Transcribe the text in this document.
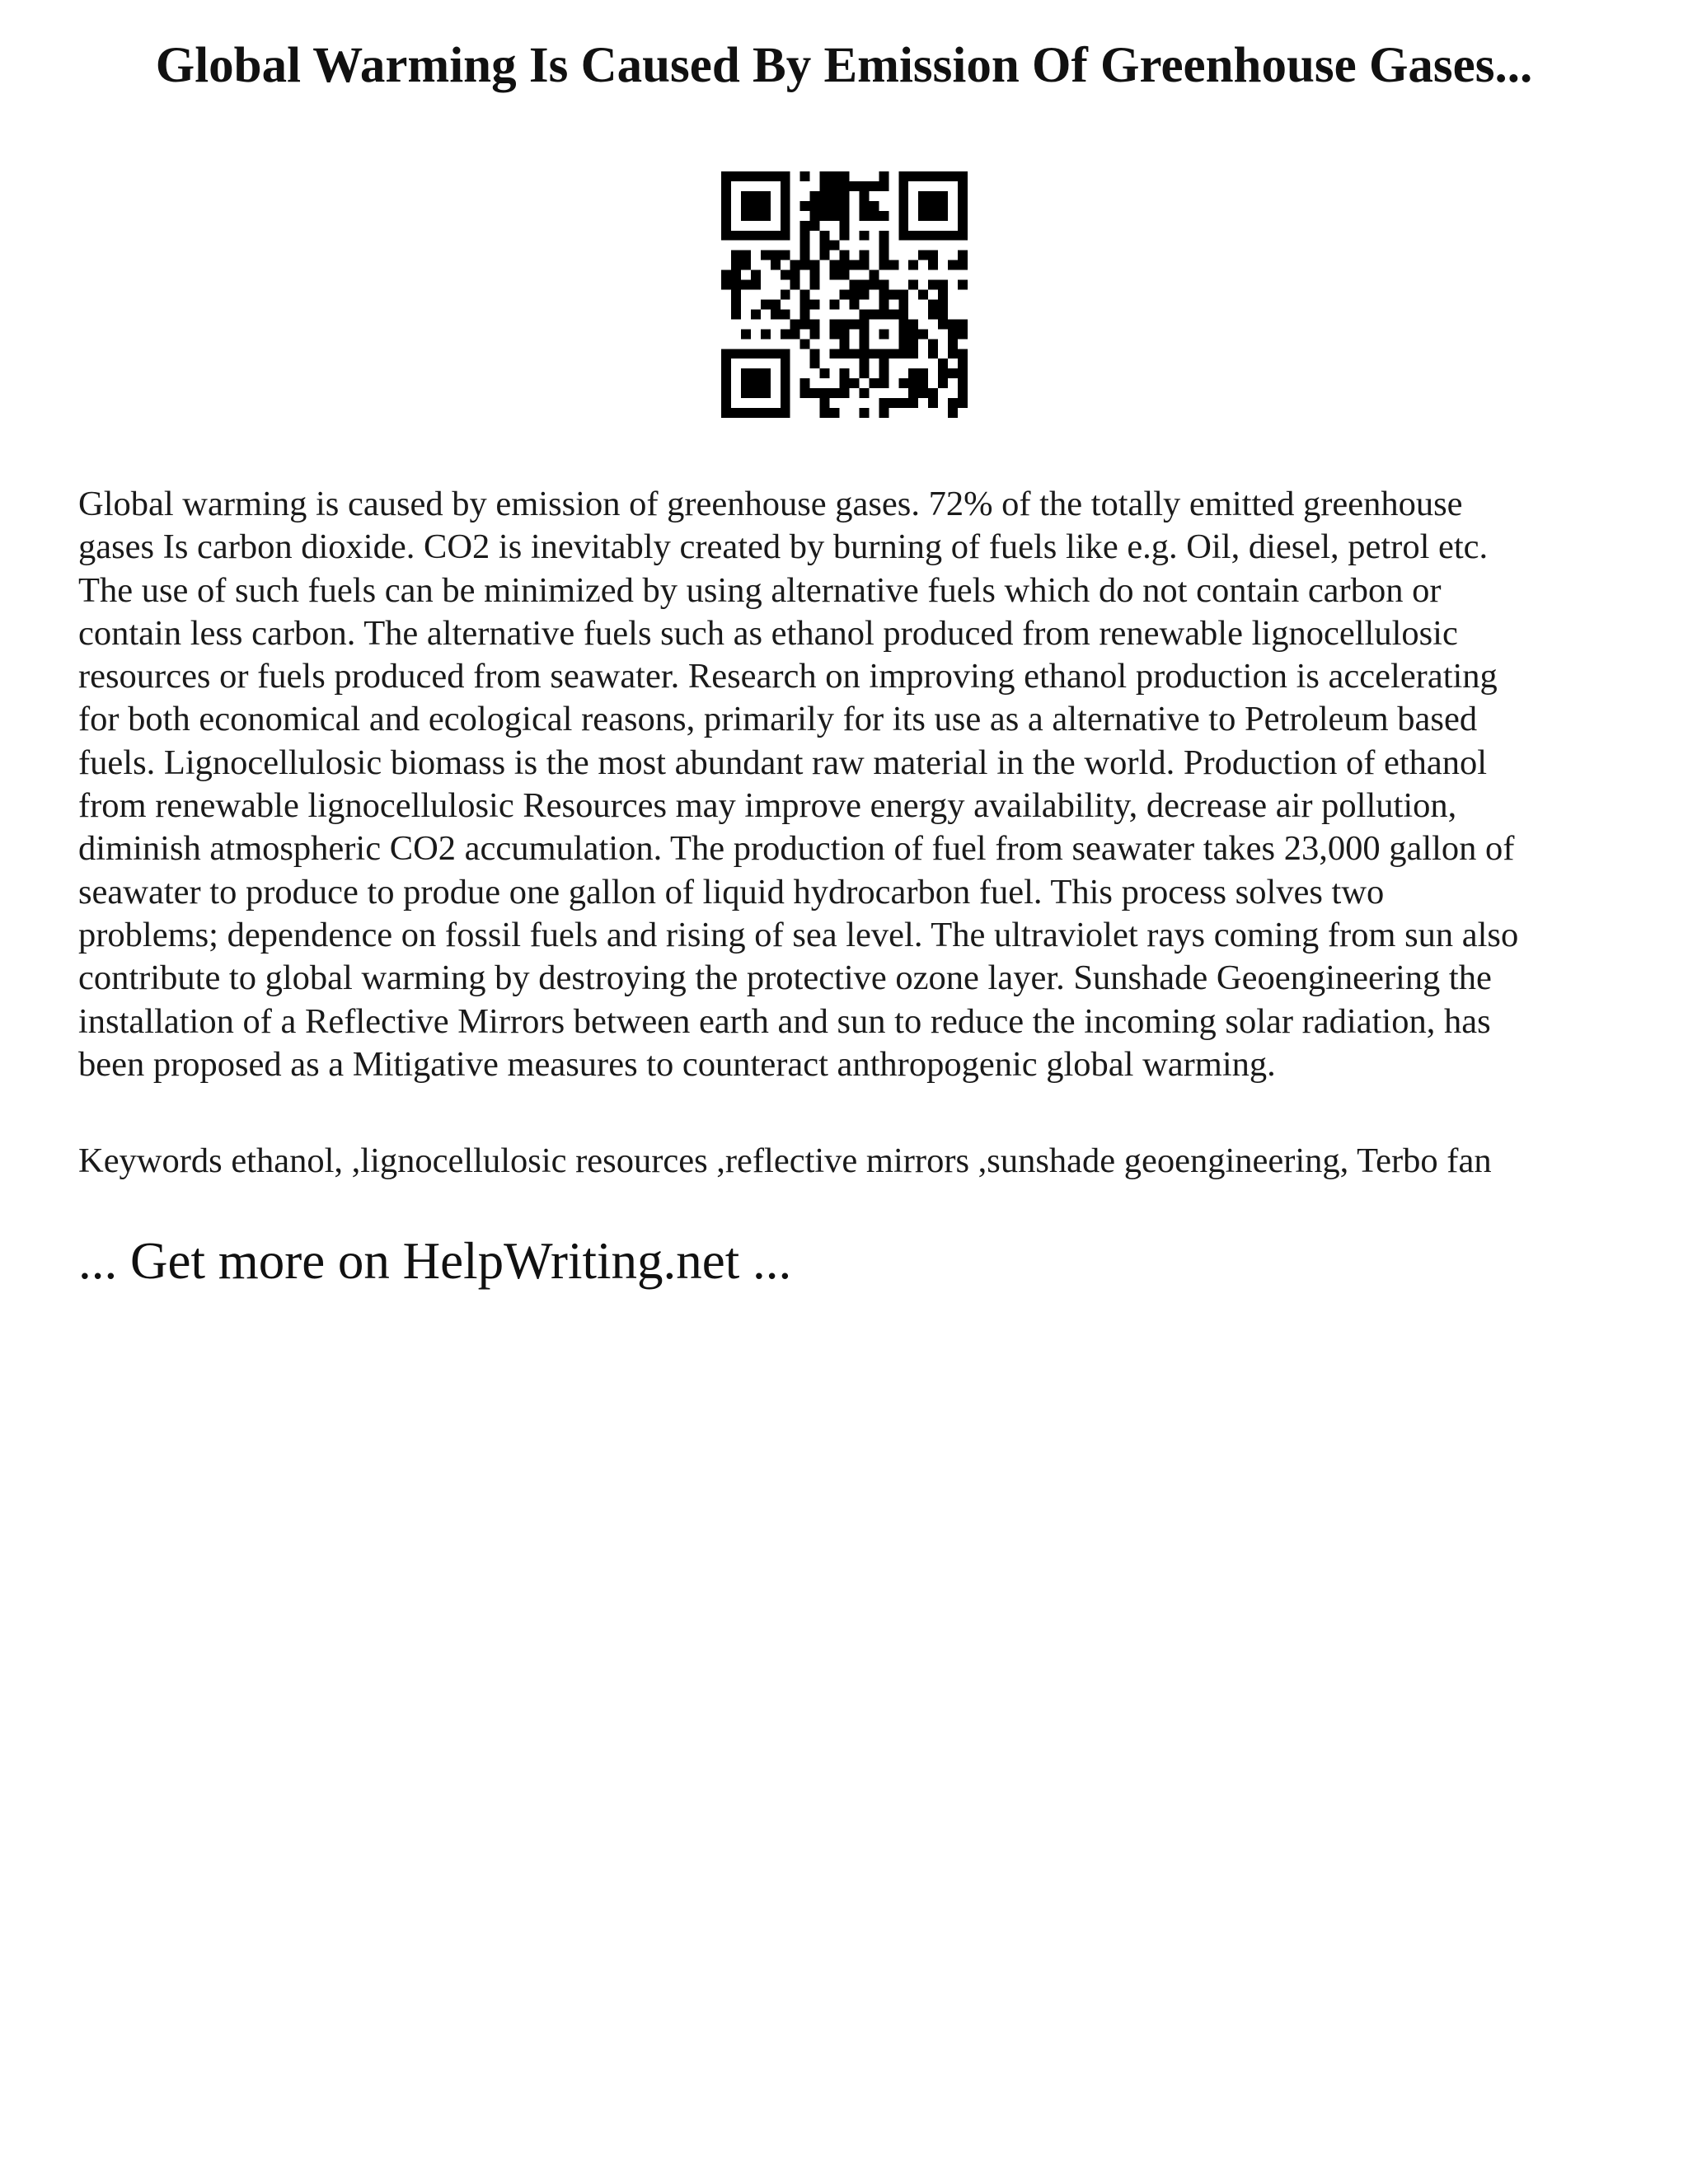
Global Warming Is Caused By Emission Of Greenhouse Gases...
Global warming is caused by emission of greenhouse gases. 72% of the totally emitted greenhouse
gases Is carbon dioxide. CO2 is inevitably created by burning of fuels like e.g. Oil, diesel, petrol etc.
The use of such fuels can be minimized by using alternative fuels which do not contain carbon or
contain less carbon. The alternative fuels such as ethanol produced from renewable lignocellulosic
resources or fuels produced from seawater. Research on improving ethanol production is accelerating
for both economical and ecological reasons, primarily for its use as a alternative to Petroleum based
fuels. Lignocellulosic biomass is the most abundant raw material in the world. Production of ethanol
from renewable lignocellulosic Resources may improve energy availability, decrease air pollution,
diminish atmospheric CO2 accumulation. The production of fuel from seawater takes 23,000 gallon of
seawater to produce to produe one gallon of liquid hydrocarbon fuel. This process solves two
problems; dependence on fossil fuels and rising of sea level. The ultraviolet rays coming from sun also
contribute to global warming by destroying the protective ozone layer. Sunshade Geoengineering the
installation of a Reflective Mirrors between earth and sun to reduce the incoming solar radiation, has
been proposed as a Mitigative measures to counteract anthropogenic global warming.

Keywords ethanol, ,lignocellulosic resources ,reflective mirrors ,sunshade geoengineering, Terbo fan

... Get more on HelpWriting.net ...
